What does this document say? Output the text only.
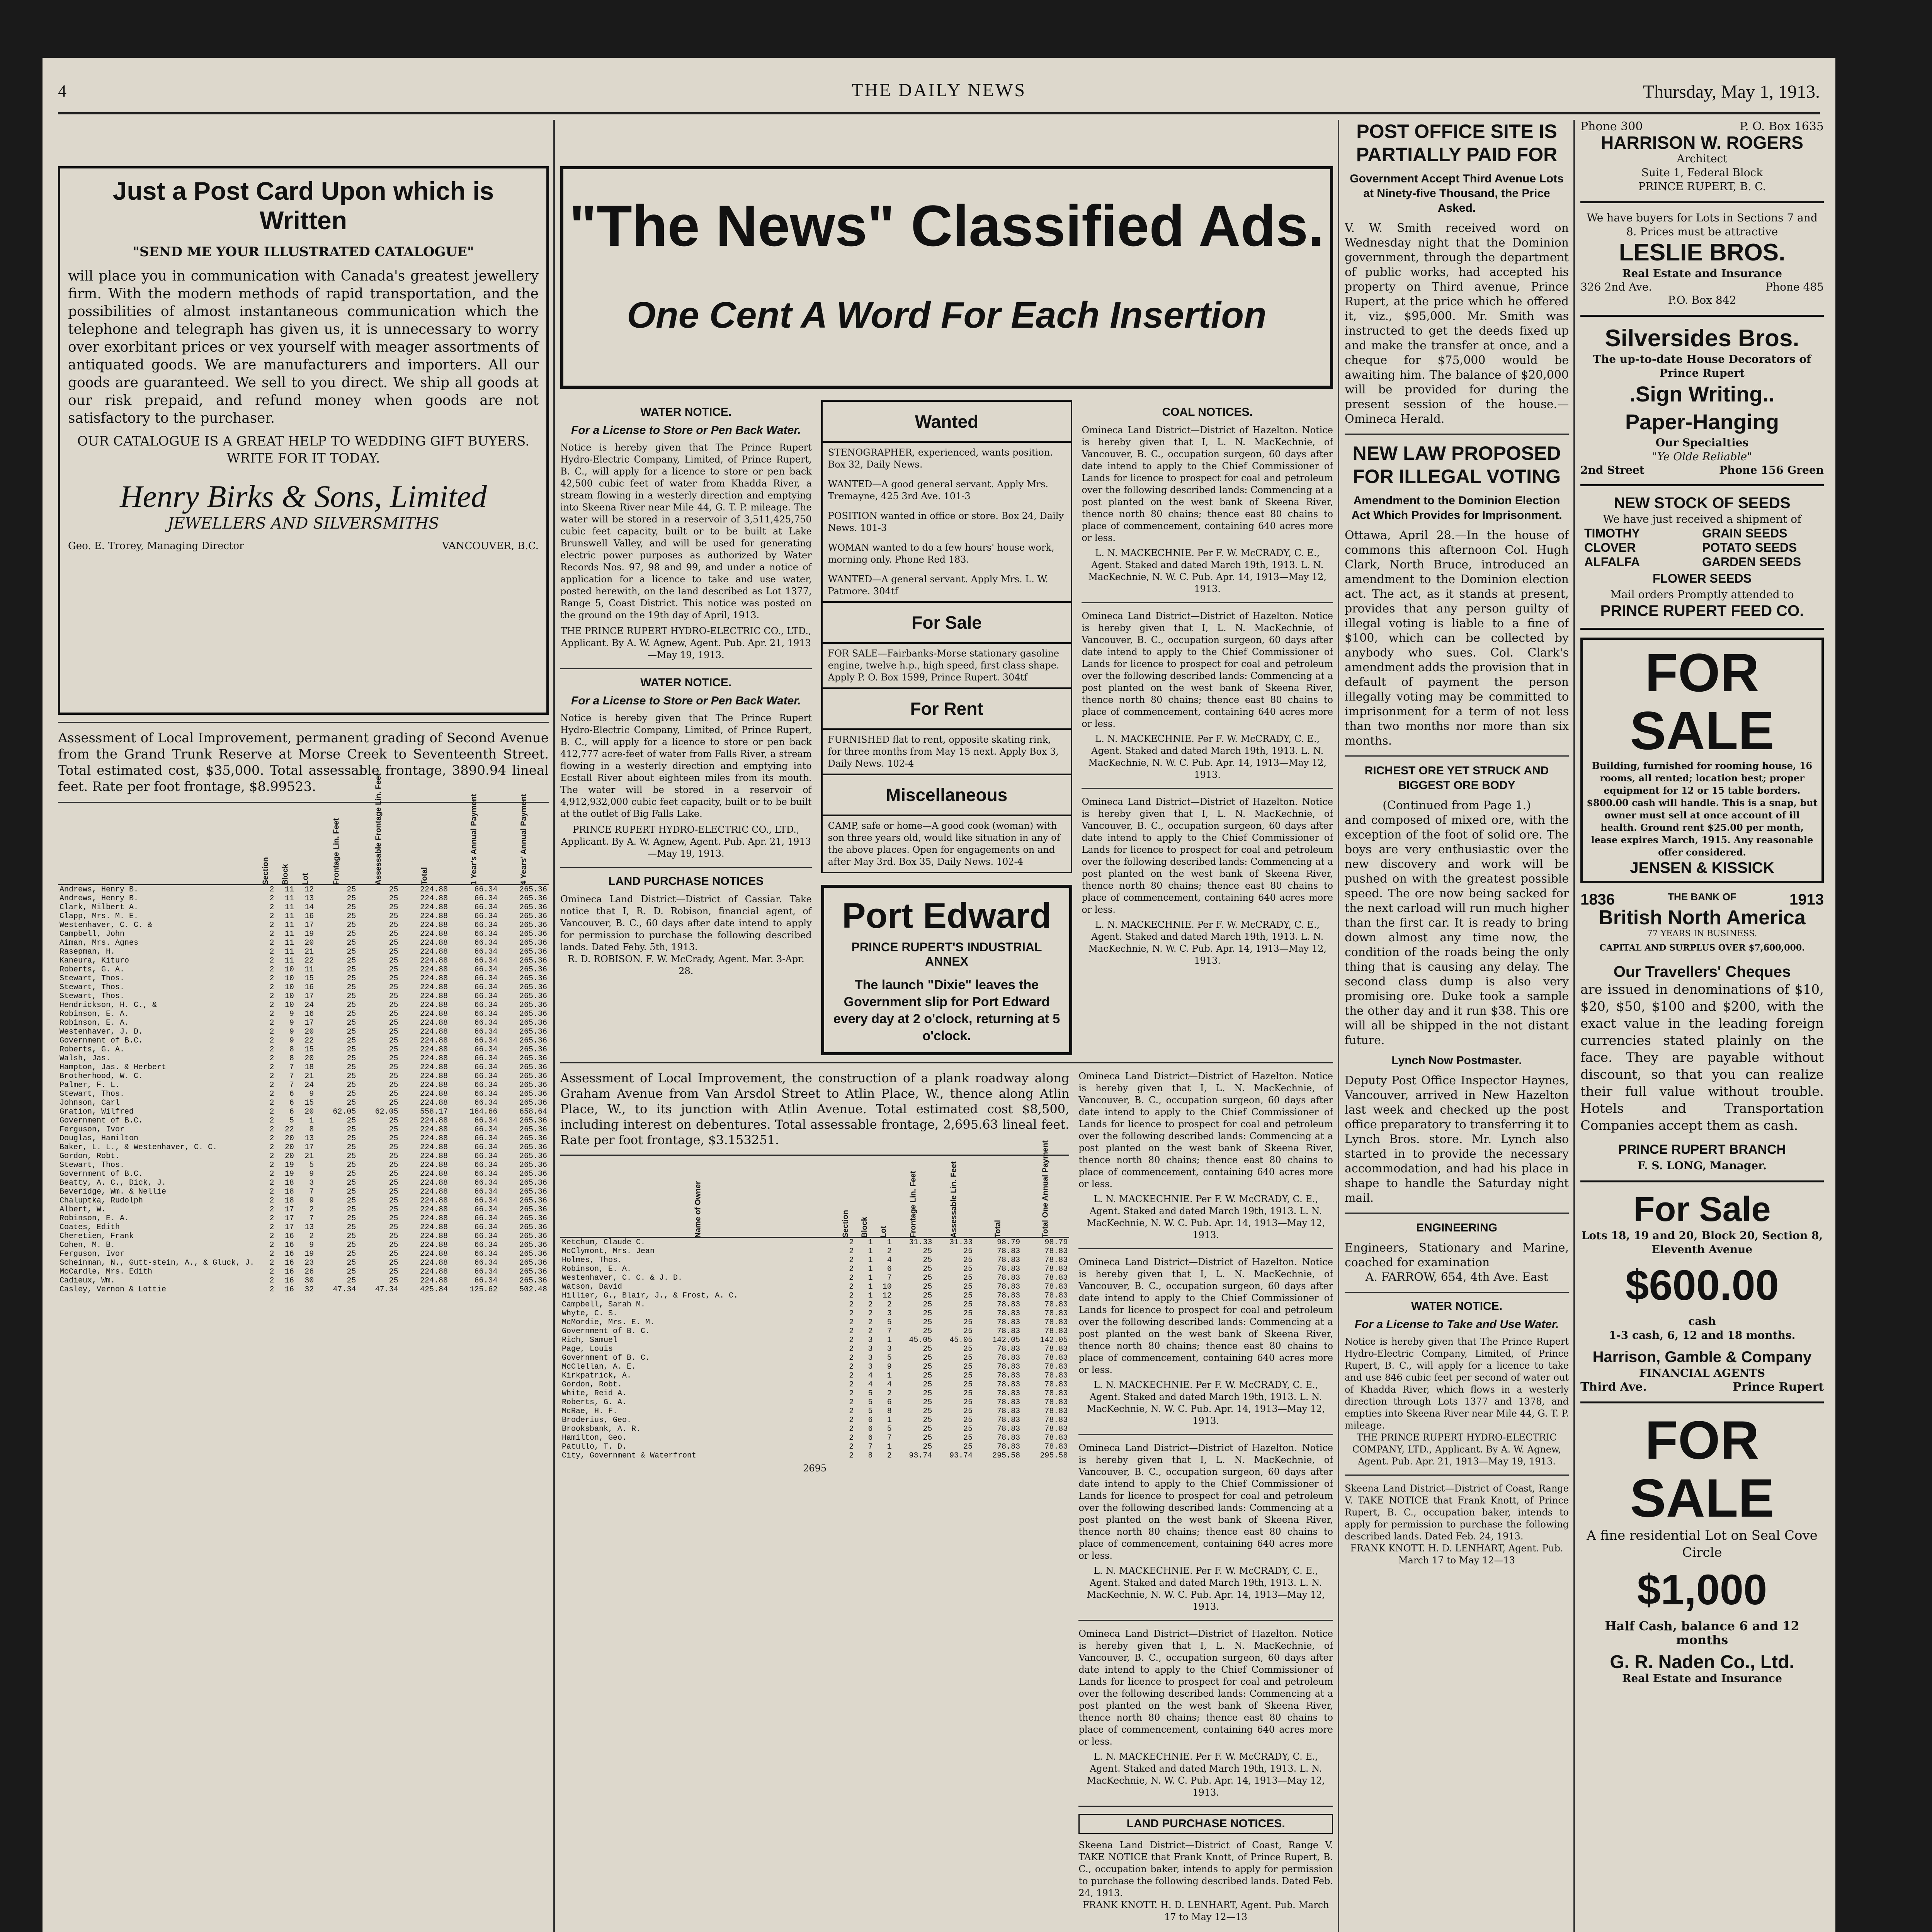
4	THE DAILY NEWS	Thursday, May 1, 1913.
Just a Post Card Upon which is Written
"SEND ME YOUR ILLUSTRATED CATALOGUE"
will place you in communication with Canada's greatest jewellery firm. With the modern methods of rapid transportation, and the possibilities of almost instantaneous communication which the telephone and telegraph has given us, it is unnecessary to worry over exorbitant prices or vex yourself with meager assortments of antiquated goods. We are manufacturers and importers. All our goods are guaranteed. We sell to you direct. We ship all goods at our risk prepaid, and refund money when goods are not satisfactory to the purchaser.
OUR CATALOGUE IS A GREAT HELP TO WEDDING GIFT BUYERS. WRITE FOR IT TODAY.
Henry Birks & Sons, Limited
JEWELLERS AND SILVERSMITHS
Geo. E. Trorey, Managing Director	VANCOUVER, B.C.
Assessment of Local Improvement, permanent grading of Second Avenue from the Grand Trunk Reserve at Morse Creek to Seventeenth Street. Total estimated cost, $35,000. Total assessable frontage, 3890.94 lineal feet. Rate per foot frontage, $8.99523.
	Section	Block	Lot	Frontage Lin. Feet	Assessable Frontage Lin. Feet	Total	1 Year's Annual Payment	4 Years' Annual Payment
Andrews, Henry B.	2	11	12	25	25	224.88	66.34	265.36
Andrews, Henry B.	2	11	13	25	25	224.88	66.34	265.36
Clark, Milbert A.	2	11	14	25	25	224.88	66.34	265.36
Clapp, Mrs. M. E.	2	11	16	25	25	224.88	66.34	265.36
Westenhaver, C. C. &	2	11	17	25	25	224.88	66.34	265.36
Campbell, John	2	11	19	25	25	224.88	66.34	265.36
Aiman, Mrs. Agnes	2	11	20	25	25	224.88	66.34	265.36
Rasepman, H.	2	11	21	25	25	224.88	66.34	265.36
Kaneura, Kituro	2	11	22	25	25	224.88	66.34	265.36
Roberts, G. A.	2	10	11	25	25	224.88	66.34	265.36
Stewart, Thos.	2	10	15	25	25	224.88	66.34	265.36
Stewart, Thos.	2	10	16	25	25	224.88	66.34	265.36
Stewart, Thos.	2	10	17	25	25	224.88	66.34	265.36
Hendrickson, H. C., &	2	10	24	25	25	224.88	66.34	265.36
Robinson, E. A.	2	9	16	25	25	224.88	66.34	265.36
Robinson, E. A.	2	9	17	25	25	224.88	66.34	265.36
Westenhaver, J. D.	2	9	20	25	25	224.88	66.34	265.36
Government of B.C.	2	9	22	25	25	224.88	66.34	265.36
Roberts, G. A.	2	8	15	25	25	224.88	66.34	265.36
Walsh, Jas.	2	8	20	25	25	224.88	66.34	265.36
Hampton, Jas. & Herbert	2	7	18	25	25	224.88	66.34	265.36
Brotherhood, W. C.	2	7	21	25	25	224.88	66.34	265.36
Palmer, F. L.	2	7	24	25	25	224.88	66.34	265.36
Stewart, Thos.	2	6	9	25	25	224.88	66.34	265.36
Johnson, Carl	2	6	15	25	25	224.88	66.34	265.36
Gration, Wilfred	2	6	20	62.05	62.05	558.17	164.66	658.64
Government of B.C.	2	5	1	25	25	224.88	66.34	265.36
Ferguson, Ivor	2	22	8	25	25	224.88	66.34	265.36
Douglas, Hamilton	2	20	13	25	25	224.88	66.34	265.36
Baker, L. L., & Westenhaver, C. C.	2	20	17	25	25	224.88	66.34	265.36
Gordon, Robt.	2	20	21	25	25	224.88	66.34	265.36
Stewart, Thos.	2	19	5	25	25	224.88	66.34	265.36
Government of B.C.	2	19	9	25	25	224.88	66.34	265.36
Beatty, A. C., Dick, J.	2	18	3	25	25	224.88	66.34	265.36
Beveridge, Wm. & Nellie	2	18	7	25	25	224.88	66.34	265.36
Chaluptka, Rudolph	2	18	9	25	25	224.88	66.34	265.36
Albert, W.	2	17	2	25	25	224.88	66.34	265.36
Robinson, E. A.	2	17	7	25	25	224.88	66.34	265.36
Coates, Edith	2	17	13	25	25	224.88	66.34	265.36
Cheretien, Frank	2	16	2	25	25	224.88	66.34	265.36
Cohen, M. B.	2	16	9	25	25	224.88	66.34	265.36
Ferguson, Ivor	2	16	19	25	25	224.88	66.34	265.36
Scheinman, N., Gutt-stein, A., & Gluck, J.	2	16	23	25	25	224.88	66.34	265.36
McCardle, Mrs. Edith	2	16	26	25	25	224.88	66.34	265.36
Cadieux, Wm.	2	16	30	25	25	224.88	66.34	265.36
Casley, Vernon & Lottie	2	16	32	47.34	47.34	425.84	125.62	502.48
"The News" Classified Ads.
One Cent A Word For Each Insertion
WATER NOTICE.
For a License to Store or Pen Back Water.
Notice is hereby given that The Prince Rupert Hydro-Electric Company, Limited, of Prince Rupert, B. C., will apply for a licence to store or pen back 42,500 cubic feet of water from Khadda River, a stream flowing in a westerly direction and emptying into Skeena River near Mile 44, G. T. P. mileage. The water will be stored in a reservoir of 3,511,425,750 cubic feet capacity, built or to be built at Lake Brunswell Valley, and will be used for generating electric power purposes as authorized by Water Records Nos. 97, 98 and 99, and under a notice of application for a licence to take and use water, posted herewith, on the land described as Lot 1377, Range 5, Coast District. This notice was posted on the ground on the 19th day of April, 1913.
THE PRINCE RUPERT HYDRO-ELECTRIC CO., LTD., Applicant. By A. W. Agnew, Agent. Pub. Apr. 21, 1913—May 19, 1913.
WATER NOTICE.
For a License to Store or Pen Back Water.
Notice is hereby given that The Prince Rupert Hydro-Electric Company, Limited, of Prince Rupert, B. C., will apply for a licence to store or pen back 412,777 acre-feet of water from Falls River, a stream flowing in a westerly direction and emptying into Ecstall River about eighteen miles from its mouth. The water will be stored in a reservoir of 4,912,932,000 cubic feet capacity, built or to be built at the outlet of Big Falls Lake.
PRINCE RUPERT HYDRO-ELECTRIC CO., LTD., Applicant. By A. W. Agnew, Agent. Pub. Apr. 21, 1913—May 19, 1913.
LAND PURCHASE NOTICES
Omineca Land District—District of Cassiar. Take notice that I, R. D. Robison, financial agent, of Vancouver, B. C., 60 days after date intend to apply for permission to purchase the following described lands. Dated Feby. 5th, 1913.
R. D. ROBISON. F. W. McCrady, Agent. Mar. 3-Apr. 28.
Wanted
STENOGRAPHER, experienced, wants position. Box 32, Daily News.
WANTED—A good general servant. Apply Mrs. Tremayne, 425 3rd Ave. 101-3
POSITION wanted in office or store. Box 24, Daily News. 101-3
WOMAN wanted to do a few hours' house work, morning only. Phone Red 183.
WANTED—A general servant. Apply Mrs. L. W. Patmore. 304tf
For Sale
FOR SALE—Fairbanks-Morse stationary gasoline engine, twelve h.p., high speed, first class shape. Apply P. O. Box 1599, Prince Rupert. 304tf
For Rent
FURNISHED flat to rent, opposite skating rink, for three months from May 15 next. Apply Box 3, Daily News. 102-4
Miscellaneous
CAMP, safe or home—A good cook (woman) with son three years old, would like situation in any of the above places. Open for engagements on and after May 3rd. Box 35, Daily News. 102-4
Port Edward
PRINCE RUPERT'S INDUSTRIAL ANNEX
The launch "Dixie" leaves the Government slip for Port Edward every day at 2 o'clock, returning at 5 o'clock.
COAL NOTICES.
Omineca Land District—District of Hazelton. Notice is hereby given that I, L. N. MacKechnie, of Vancouver, B. C., occupation surgeon, 60 days after date intend to apply to the Chief Commissioner of Lands for licence to prospect for coal and petroleum over the following described lands: Commencing at a post planted on the west bank of Skeena River, thence north 80 chains; thence east 80 chains to place of commencement, containing 640 acres more or less.
L. N. MACKECHNIE. Per F. W. McCRADY, C. E., Agent. Staked and dated March 19th, 1913. L. N. MacKechnie, N. W. C. Pub. Apr. 14, 1913—May 12, 1913.
Omineca Land District—District of Hazelton. Notice is hereby given that I, L. N. MacKechnie, of Vancouver, B. C., occupation surgeon, 60 days after date intend to apply to the Chief Commissioner of Lands for licence to prospect for coal and petroleum over the following described lands: Commencing at a post planted on the west bank of Skeena River, thence north 80 chains; thence east 80 chains to place of commencement, containing 640 acres more or less.
L. N. MACKECHNIE. Per F. W. McCRADY, C. E., Agent. Staked and dated March 19th, 1913. L. N. MacKechnie, N. W. C. Pub. Apr. 14, 1913—May 12, 1913.
Omineca Land District—District of Hazelton. Notice is hereby given that I, L. N. MacKechnie, of Vancouver, B. C., occupation surgeon, 60 days after date intend to apply to the Chief Commissioner of Lands for licence to prospect for coal and petroleum over the following described lands: Commencing at a post planted on the west bank of Skeena River, thence north 80 chains; thence east 80 chains to place of commencement, containing 640 acres more or less.
L. N. MACKECHNIE. Per F. W. McCRADY, C. E., Agent. Staked and dated March 19th, 1913. L. N. MacKechnie, N. W. C. Pub. Apr. 14, 1913—May 12, 1913.
Assessment of Local Improvement, the construction of a plank roadway along Graham Avenue from Van Arsdol Street to Atlin Place, W., thence along Atlin Place, W., to its junction with Atlin Avenue. Total estimated cost $8,500, including interest on debentures. Total assessable frontage, 2,695.63 lineal feet. Rate per foot frontage, $3.153251.
Name of Owner	Section	Block	Lot	Frontage Lin. Feet	Assessable Lin. Feet	Total	Total One Annual Payment
Ketchum, Claude C.	2	1	1	31.33	31.33	98.79	98.79
McClymont, Mrs. Jean	2	1	2	25	25	78.83	78.83
Holmes, Thos.	2	1	4	25	25	78.83	78.83
Robinson, E. A.	2	1	6	25	25	78.83	78.83
Westenhaver, C. C. & J. D.	2	1	7	25	25	78.83	78.83
Watson, David	2	1	10	25	25	78.83	78.83
Hillier, G., Blair, J., & Frost, A. C.	2	1	12	25	25	78.83	78.83
Campbell, Sarah M.	2	2	2	25	25	78.83	78.83
Whyte, C. S.	2	2	3	25	25	78.83	78.83
McMordie, Mrs. E. M.	2	2	5	25	25	78.83	78.83
Government of B. C.	2	2	7	25	25	78.83	78.83
Rich, Samuel	2	3	1	45.05	45.05	142.05	142.05
Page, Louis	2	3	3	25	25	78.83	78.83
Government of B. C.	2	3	5	25	25	78.83	78.83
McClellan, A. E.	2	3	9	25	25	78.83	78.83
Kirkpatrick, A.	2	4	1	25	25	78.83	78.83
Gordon, Robt.	2	4	4	25	25	78.83	78.83
White, Reid A.	2	5	2	25	25	78.83	78.83
Roberts, G. A.	2	5	6	25	25	78.83	78.83
McRae, H. F.	2	5	8	25	25	78.83	78.83
Broderius, Geo.	2	6	1	25	25	78.83	78.83
Brooksbank, A. R.	2	6	5	25	25	78.83	78.83
Hamilton, Geo.	2	6	7	25	25	78.83	78.83
Patullo, T. D.	2	7	1	25	25	78.83	78.83
City, Government & Waterfront	2	8	2	93.74	93.74	295.58	295.58
2695
Omineca Land District—District of Hazelton. Notice is hereby given that I, L. N. MacKechnie, of Vancouver, B. C., occupation surgeon, 60 days after date intend to apply to the Chief Commissioner of Lands for licence to prospect for coal and petroleum over the following described lands: Commencing at a post planted on the west bank of Skeena River, thence north 80 chains; thence east 80 chains to place of commencement, containing 640 acres more or less.
L. N. MACKECHNIE. Per F. W. McCRADY, C. E., Agent. Staked and dated March 19th, 1913. L. N. MacKechnie, N. W. C. Pub. Apr. 14, 1913—May 12, 1913.
Omineca Land District—District of Hazelton. Notice is hereby given that I, L. N. MacKechnie, of Vancouver, B. C., occupation surgeon, 60 days after date intend to apply to the Chief Commissioner of Lands for licence to prospect for coal and petroleum over the following described lands: Commencing at a post planted on the west bank of Skeena River, thence north 80 chains; thence east 80 chains to place of commencement, containing 640 acres more or less.
L. N. MACKECHNIE. Per F. W. McCRADY, C. E., Agent. Staked and dated March 19th, 1913. L. N. MacKechnie, N. W. C. Pub. Apr. 14, 1913—May 12, 1913.
Omineca Land District—District of Hazelton. Notice is hereby given that I, L. N. MacKechnie, of Vancouver, B. C., occupation surgeon, 60 days after date intend to apply to the Chief Commissioner of Lands for licence to prospect for coal and petroleum over the following described lands: Commencing at a post planted on the west bank of Skeena River, thence north 80 chains; thence east 80 chains to place of commencement, containing 640 acres more or less.
L. N. MACKECHNIE. Per F. W. McCRADY, C. E., Agent. Staked and dated March 19th, 1913. L. N. MacKechnie, N. W. C. Pub. Apr. 14, 1913—May 12, 1913.
Omineca Land District—District of Hazelton. Notice is hereby given that I, L. N. MacKechnie, of Vancouver, B. C., occupation surgeon, 60 days after date intend to apply to the Chief Commissioner of Lands for licence to prospect for coal and petroleum over the following described lands: Commencing at a post planted on the west bank of Skeena River, thence north 80 chains; thence east 80 chains to place of commencement, containing 640 acres more or less.
L. N. MACKECHNIE. Per F. W. McCRADY, C. E., Agent. Staked and dated March 19th, 1913. L. N. MacKechnie, N. W. C. Pub. Apr. 14, 1913—May 12, 1913.
LAND PURCHASE NOTICES.
Skeena Land District—District of Coast, Range V. TAKE NOTICE that Frank Knott, of Prince Rupert, B. C., occupation baker, intends to apply for permission to purchase the following described lands. Dated Feb. 24, 1913.
FRANK KNOTT. H. D. LENHART, Agent. Pub. March 17 to May 12—13
POST OFFICE SITE IS PARTIALLY PAID FOR
Government Accept Third Avenue Lots at Ninety-five Thousand, the Price Asked.
V. W. Smith received word on Wednesday night that the Dominion government, through the department of public works, had accepted his property on Third avenue, Prince Rupert, at the price which he offered it, viz., $95,000. Mr. Smith was instructed to get the deeds fixed up and make the transfer at once, and a cheque for $75,000 would be awaiting him. The balance of $20,000 will be provided for during the present session of the house.—Omineca Herald.
NEW LAW PROPOSED FOR ILLEGAL VOTING
Amendment to the Dominion Election Act Which Provides for Imprisonment.
Ottawa, April 28.—In the house of commons this afternoon Col. Hugh Clark, North Bruce, introduced an amendment to the Dominion election act. The act, as it stands at present, provides that any person guilty of illegal voting is liable to a fine of $100, which can be collected by anybody who sues. Col. Clark's amendment adds the provision that in default of payment the person illegally voting may be committed to imprisonment for a term of not less than two months nor more than six months.
RICHEST ORE YET STRUCK AND BIGGEST ORE BODY
(Continued from Page 1.)
and composed of mixed ore, with the exception of the foot of solid ore. The boys are very enthusiastic over the new discovery and work will be pushed on with the greatest possible speed. The ore now being sacked for the next carload will run much higher than the first car. It is ready to bring down almost any time now, the condition of the roads being the only thing that is causing any delay. The second class dump is also very promising ore. Duke took a sample the other day and it run $38. This ore will all be shipped in the not distant future.
Lynch Now Postmaster.
Deputy Post Office Inspector Haynes, Vancouver, arrived in New Hazelton last week and checked up the post office preparatory to transferring it to Lynch Bros. store. Mr. Lynch also started in to provide the necessary accommodation, and had his place in shape to handle the Saturday night mail.
ENGINEERING
Engineers, Stationary and Marine, coached for examination
A. FARROW, 654, 4th Ave. East
WATER NOTICE.
For a License to Take and Use Water.
Notice is hereby given that The Prince Rupert Hydro-Electric Company, Limited, of Prince Rupert, B. C., will apply for a licence to take and use 846 cubic feet per second of water out of Khadda River, which flows in a westerly direction through Lots 1377 and 1378, and empties into Skeena River near Mile 44, G. T. P. mileage.
THE PRINCE RUPERT HYDRO-ELECTRIC COMPANY, LTD., Applicant. By A. W. Agnew, Agent. Pub. Apr. 21, 1913—May 19, 1913.
Skeena Land District—District of Coast, Range V. TAKE NOTICE that Frank Knott, of Prince Rupert, B. C., occupation baker, intends to apply for permission to purchase the following described lands. Dated Feb. 24, 1913.
FRANK KNOTT. H. D. LENHART, Agent. Pub. March 17 to May 12—13
Phone 300	P. O. Box 1635
HARRISON W. ROGERS
Architect
Suite 1, Federal Block
PRINCE RUPERT, B. C.
We have buyers for Lots in Sections 7 and 8. Prices must be attractive
LESLIE BROS.
Real Estate and Insurance
326 2nd Ave.	Phone 485
P.O. Box 842
Silversides Bros.
The up-to-date House Decorators of Prince Rupert
.Sign Writing..
Paper-Hanging
Our Specialties
"Ye Olde Reliable"
2nd Street	Phone 156 Green
NEW STOCK OF SEEDS
We have just received a shipment of
TIMOTHY	GRAIN SEEDS
CLOVER	POTATO SEEDS
ALFALFA	GARDEN SEEDS
FLOWER SEEDS
Mail orders Promptly attended to
PRINCE RUPERT FEED CO.
FOR SALE
Building, furnished for rooming house, 16 rooms, all rented; location best; proper equipment for 12 or 15 table borders. $800.00 cash will handle. This is a snap, but owner must sell at once account of ill health. Ground rent $25.00 per month, lease expires March, 1915. Any reasonable offer considered.
JENSEN & KISSICK
1836	THE BANK OF	1913
British North America
77 YEARS IN BUSINESS.
CAPITAL AND SURPLUS OVER $7,600,000.
Our Travellers' Cheques
are issued in denominations of $10, $20, $50, $100 and $200, with the exact value in the leading foreign currencies stated plainly on the face. They are payable without discount, so that you can realize their full value without trouble. Hotels and Transportation Companies accept them as cash.
PRINCE RUPERT BRANCH
F. S. LONG, Manager.
For Sale
Lots 18, 19 and 20, Block 20, Section 8, Eleventh Avenue
$600.00
cash
1-3 cash, 6, 12 and 18 months.
Harrison, Gamble & Company
FINANCIAL AGENTS
Third Ave.	Prince Rupert
FOR SALE
A fine residential Lot on Seal Cove Circle
$1,000
Half Cash, balance 6 and 12 months
G. R. Naden Co., Ltd.
Real Estate and Insurance
